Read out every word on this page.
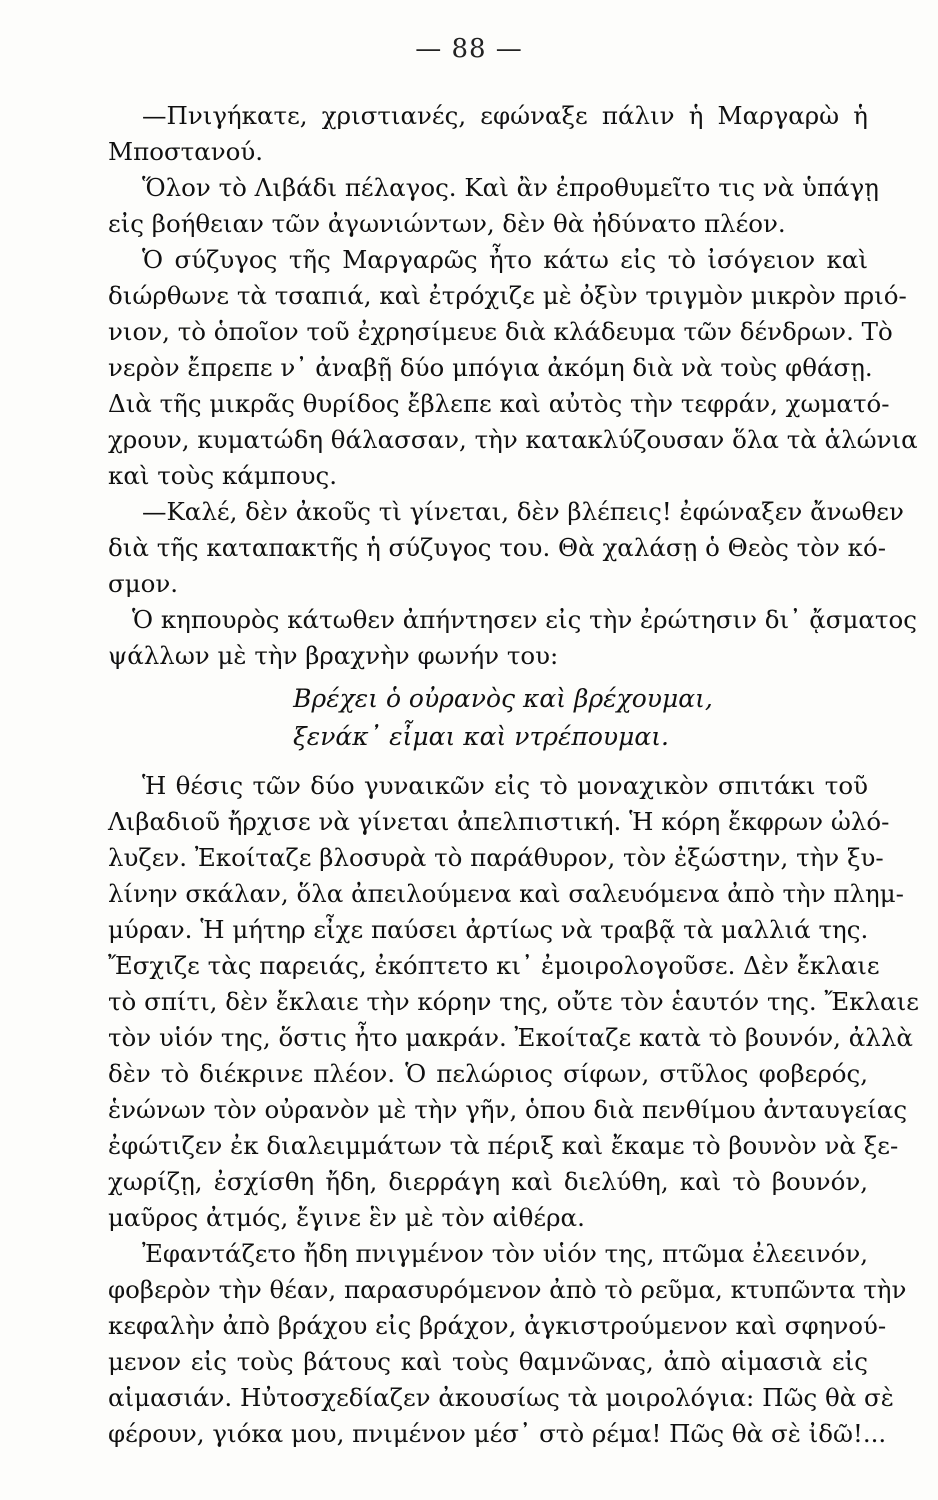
— 88 —
—Πνιγήκατε, χριστιανές, εφώναξε πάλιν ἡ Μαργαρὼ ἡ
Μποστανού.
Ὅλον τὸ Λιβάδι πέλαγος. Καὶ ἂν ἐπροθυμεῖτο τις νὰ ὑπάγῃ
εἰς βοήθειαν τῶν ἀγωνιώντων, δὲν θὰ ἠδύνατο πλέον.
Ὁ σύζυγος τῆς Μαργαρῶς ἦτο κάτω εἰς τὸ ἰσόγειον καὶ
διώρθωνε τὰ τσαπιά, καὶ ἐτρόχιζε μὲ ὀξὺν τριγμὸν μικρὸν πριό-
νιον, τὸ ὁποῖον τοῦ ἐχρησίμευε διὰ κλάδευμα τῶν δένδρων. Τὸ
νερὸν ἔπρεπε ν᾽ ἀναβῇ δύο μπόγια ἀκόμη διὰ νὰ τοὺς φθάσῃ.
Διὰ τῆς μικρᾶς θυρίδος ἔβλεπε καὶ αὐτὸς τὴν τεφράν, χωματό-
χρουν, κυματώδη θάλασσαν, τὴν κατακλύζουσαν ὅλα τὰ ἁλώνια
καὶ τοὺς κάμπους.
—Καλέ, δὲν ἀκοῦς τὶ γίνεται, δὲν βλέπεις! ἐφώναξεν ἄνωθεν
διὰ τῆς καταπακτῆς ἡ σύζυγος του. Θὰ χαλάσῃ ὁ Θεὸς τὸν κό-
σμον.
Ὁ κηπουρὸς κάτωθεν ἀπήντησεν εἰς τὴν ἐρώτησιν δι᾽ ᾄσματος
ψάλλων μὲ τὴν βραχνὴν φωνήν του:
Βρέχει ὁ οὐρανὸς καὶ βρέχουμαι,
ξενάκ᾽ εἶμαι καὶ ντρέπουμαι.
Ἡ θέσις τῶν δύο γυναικῶν εἰς τὸ μοναχικὸν σπιτάκι τοῦ
Λιβαδιοῦ ἤρχισε νὰ γίνεται ἀπελπιστική. Ἡ κόρη ἔκφρων ὠλό-
λυζεν. Ἐκοίταζε βλοσυρὰ τὸ παράθυρον, τὸν ἐξώστην, τὴν ξυ-
λίνην σκάλαν, ὅλα ἀπειλούμενα καὶ σαλευόμενα ἀπὸ τὴν πλημ-
μύραν. Ἡ μήτηρ εἶχε παύσει ἀρτίως νὰ τραβᾷ τὰ μαλλιά της.
Ἔσχιζε τὰς παρειάς, ἐκόπτετο κι᾽ ἐμοιρολογοῦσε. Δὲν ἔκλαιε
τὸ σπίτι, δὲν ἔκλαιε τὴν κόρην της, οὔτε τὸν ἑαυτόν της. Ἔκλαιε
τὸν υἱόν της, ὅστις ἦτο μακράν. Ἐκοίταζε κατὰ τὸ βουνόν, ἀλλὰ
δὲν τὸ διέκρινε πλέον. Ὁ πελώριος σίφων, στῦλος φοβερός,
ἑνώνων τὸν οὐρανὸν μὲ τὴν γῆν, ὁπου διὰ πενθίμου ἀνταυγείας
ἐφώτιζεν ἐκ διαλειμμάτων τὰ πέριξ καὶ ἔκαμε τὸ βουνὸν νὰ ξε-
χωρίζῃ, ἐσχίσθη ἤδη, διερράγη καὶ διελύθη, καὶ τὸ βουνόν,
μαῦρος ἀτμός, ἔγινε ἓν μὲ τὸν αἰθέρα.
Ἐφαντάζετο ἤδη πνιγμένον τὸν υἱόν της, πτῶμα ἐλεεινόν,
φοβερὸν τὴν θέαν, παρασυρόμενον ἀπὸ τὸ ρεῦμα, κτυπῶντα τὴν
κεφαλὴν ἀπὸ βράχου εἰς βράχον, ἀγκιστρούμενον καὶ σφηνού-
μενον εἰς τοὺς βάτους καὶ τοὺς θαμνῶνας, ἀπὸ αἱμασιὰ εἰς
αἱμασιάν. Ηὐτοσχεδίαζεν ἀκουσίως τὰ μοιρολόγια: Πῶς θὰ σὲ
φέρουν, γιόκα μου, πνιμένον μέσ᾽ στὸ ρέμα! Πῶς θὰ σὲ ἰδῶ!...
